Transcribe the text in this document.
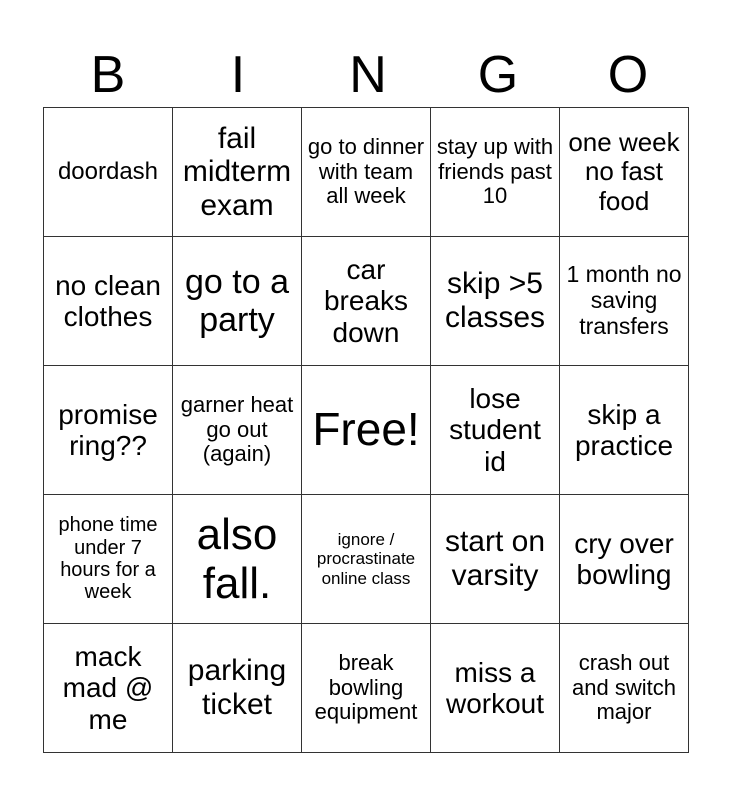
B	I	N	G	O
doordash	fail midterm exam	go to dinner with team all week	stay up with friends past 10	one week no fast food
no clean clothes	go to a party	car breaks down	skip >5 classes	1 month no saving transfers
promise ring??	garner heat go out (again)	Free!	lose student id	skip a practice
phone time under 7 hours for a week	also fall.	ignore / procrastinate online class	start on varsity	cry over bowling
mack mad @ me	parking ticket	break bowling equipment	miss a workout	crash out and switch major
